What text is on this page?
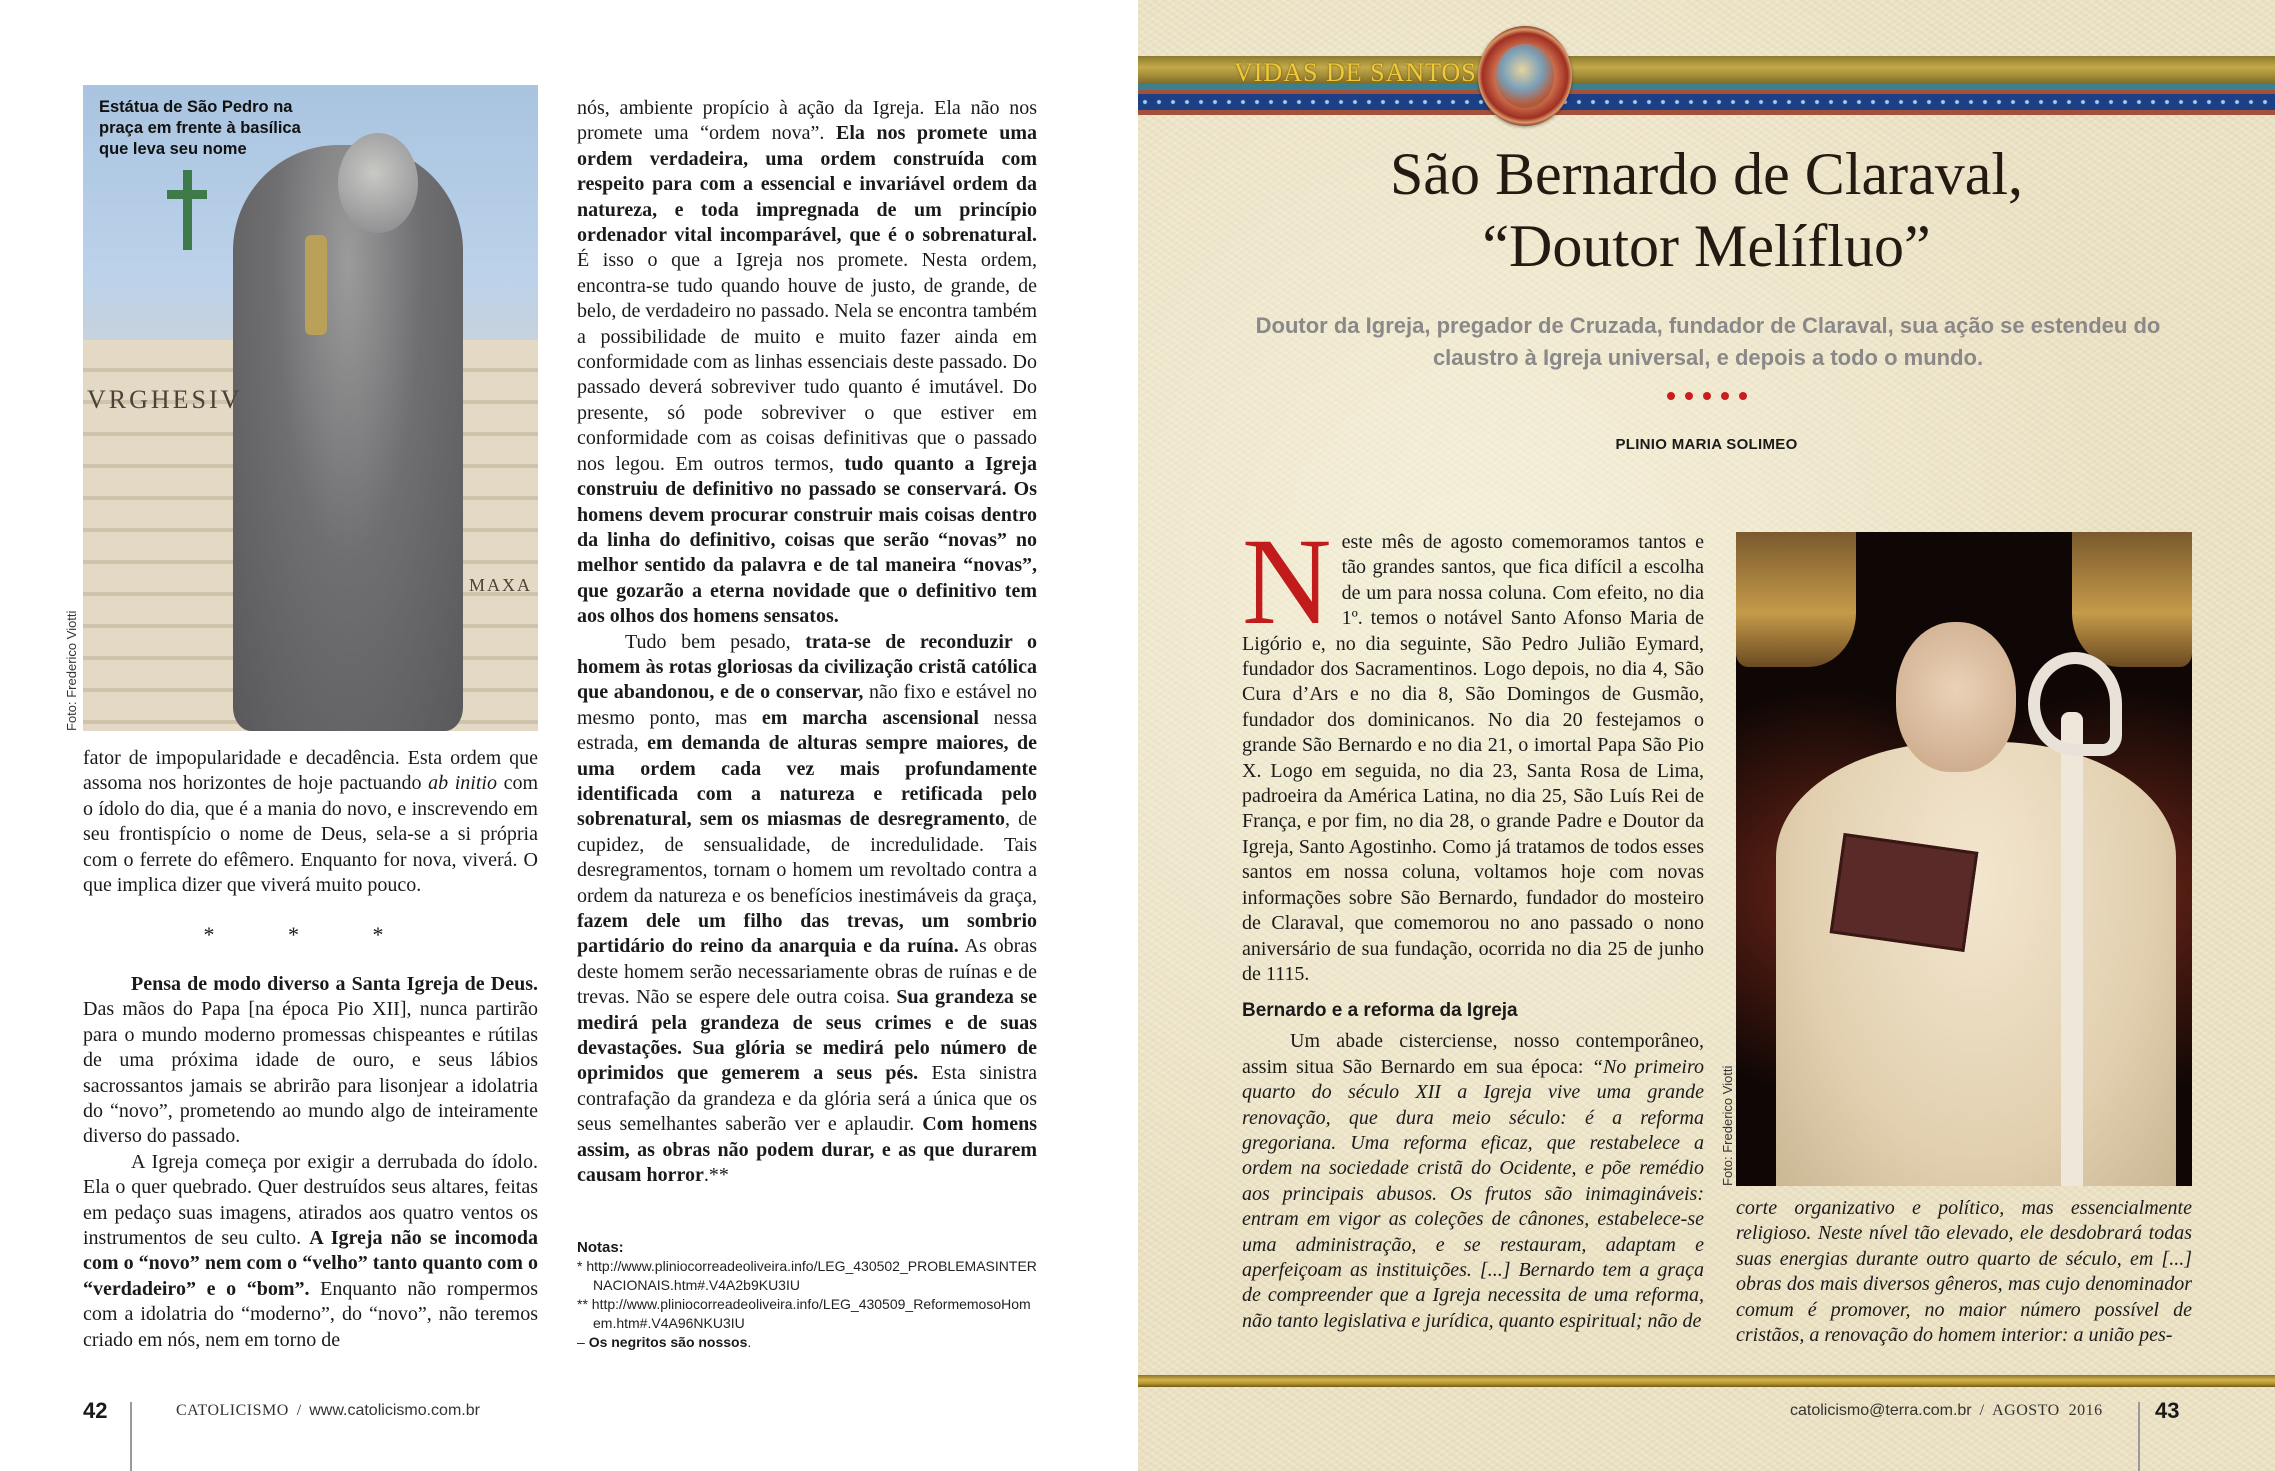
VRGHESIV
MAXA
Estátua de São Pedro na praça em frente à basílica que leva seu nome
Foto: Frederico Viotti

fator de impopularidade e decadência. Esta ordem que assoma nos horizontes de hoje pactuando ab initio com o ídolo do dia, que é a mania do novo, e inscrevendo em seu frontispício o nome de Deus, sela-se a si própria com o ferrete do efêmero. Enquanto for nova, viverá. O que implica dizer que viverá muito pouco.

* * *

Pensa de modo diverso a Santa Igreja de Deus. Das mãos do Papa [na época Pio XII], nunca partirão para o mundo moderno promessas chispeantes e rútilas de uma próxima idade de ouro, e seus lábios sacrossantos jamais se abrirão para lisonjear a idolatria do “novo”, prometendo ao mundo algo de inteiramente diverso do passado.

A Igreja começa por exigir a derrubada do ídolo. Ela o quer quebrado. Quer destruídos seus altares, feitas em pedaço suas imagens, atirados aos quatro ventos os instrumentos de seu culto. A Igreja não se incomoda com o “novo” nem com o “velho” tanto quanto com o “verdadeiro” e o “bom”. Enquanto não rompermos com a idolatria do “moderno”, do “novo”, não teremos criado em nós, nem em torno de

nós, ambiente propício à ação da Igreja. Ela não nos promete uma “ordem nova”. Ela nos promete uma ordem verdadeira, uma ordem construída com respeito para com a essencial e invariável ordem da natureza, e toda impregnada de um princípio ordenador vital incomparável, que é o sobrenatural. É isso o que a Igreja nos promete. Nesta ordem, encontra-se tudo quando houve de justo, de grande, de belo, de verdadeiro no passado. Nela se encontra também a possibilidade de muito e muito fazer ainda em conformidade com as linhas essenciais deste passado. Do passado deverá sobreviver tudo quanto é imutável. Do presente, só pode sobreviver o que estiver em conformidade com as coisas definitivas que o passado nos legou. Em outros termos, tudo quanto a Igreja construiu de definitivo no passado se conservará. Os homens devem procurar construir mais coisas dentro da linha do definitivo, coisas que serão “novas” no melhor sentido da palavra e de tal maneira “novas”, que gozarão a eterna novidade que o definitivo tem aos olhos dos homens sensatos.

Tudo bem pesado, trata-se de reconduzir o homem às rotas gloriosas da civilização cristã católica que abandonou, e de o conservar, não fixo e estável no mesmo ponto, mas em marcha ascensional nessa estrada, em demanda de alturas sempre maiores, de uma ordem cada vez mais profundamente identificada com a natureza e retificada pelo sobrenatural, sem os miasmas de desregramento, de cupidez, de sensualidade, de incredulidade. Tais desregramentos, tornam o homem um revoltado contra a ordem da natureza e os benefícios inestimáveis da graça, fazem dele um filho das trevas, um sombrio partidário do reino da anarquia e da ruína. As obras deste homem serão necessariamente obras de ruínas e de trevas. Não se espere dele outra coisa. Sua grandeza se medirá pela grandeza de seus crimes e de suas devastações. Sua glória se medirá pelo número de oprimidos que gemerem a seus pés. Esta sinistra contrafação da grandeza e da glória será a única que os seus semelhantes saberão ver e aplaudir. Com homens assim, as obras não podem durar, e as que durarem causam horror.**

Notas:
* http://www.pliniocorreadeoliveira.info/LEG_430502_PROBLEMASINTERNACIONAIS.htm#.V4A2b9KU3IU
** http://www.pliniocorreadeoliveira.info/LEG_430509_ReformemosoHomem.htm#.V4A96NKU3IU
– Os negritos são nossos.
42	CATOLICISMO / www.catolicismo.com.br
VIDAS DE SANTOS
São Bernardo de Claraval,
“Doutor Melífluo”
Doutor da Igreja, pregador de Cruzada, fundador de Claraval, sua ação se estendeu do claustro à Igreja universal, e depois a todo o mundo.
PLINIO MARIA SOLIMEO

Neste mês de agosto comemoramos tantos e tão grandes santos, que fica difícil a escolha de um para nossa coluna. Com efeito, no dia 1º. temos o notável Santo Afonso Maria de Ligório e, no dia seguinte, São Pedro Julião Eymard, fundador dos Sacramentinos. Logo depois, no dia 4, São Cura d’Ars e no dia 8, São Domingos de Gusmão, fundador dos dominicanos. No dia 20 festejamos o grande São Bernardo e no dia 21, o imortal Papa São Pio X. Logo em seguida, no dia 23, Santa Rosa de Lima, padroeira da América Latina, no dia 25, São Luís Rei de França, e por fim, no dia 28, o grande Padre e Doutor da Igreja, Santo Agostinho. Como já tratamos de todos esses santos em nossa coluna, voltamos hoje com novas informações sobre São Bernardo, fundador do mosteiro de Claraval, que comemorou no ano passado o nono aniversário de sua fundação, ocorrida no dia 25 de junho de 1115.

Bernardo e a reforma da Igreja

Um abade cisterciense, nosso contemporâneo, assim situa São Bernardo em sua época: “No primeiro quarto do século XII a Igreja vive uma grande renovação, que dura meio século: é a reforma gregoriana. Uma reforma eficaz, que restabelece a ordem na sociedade cristã do Ocidente, e põe remédio aos principais abusos. Os frutos são inimagináveis: entram em vigor as coleções de cânones, estabelece-se uma administração, e se restauram, adaptam e aperfeiçoam as instituições. [...] Bernardo tem a graça de compreender que a Igreja necessita de uma reforma, não tanto legislativa e jurídica, quanto espiritual; não de

Foto: Frederico Viotti

corte organizativo e político, mas essencialmente religioso. Neste nível tão elevado, ele desdobrará todas suas energias durante outro quarto de século, em [...] obras dos mais diversos gêneros, mas cujo denominador comum é promover, no maior número possível de cristãos, a renovação do homem interior: a união pes-

catolicismo@terra.com.br / AGOSTO  2016 43
